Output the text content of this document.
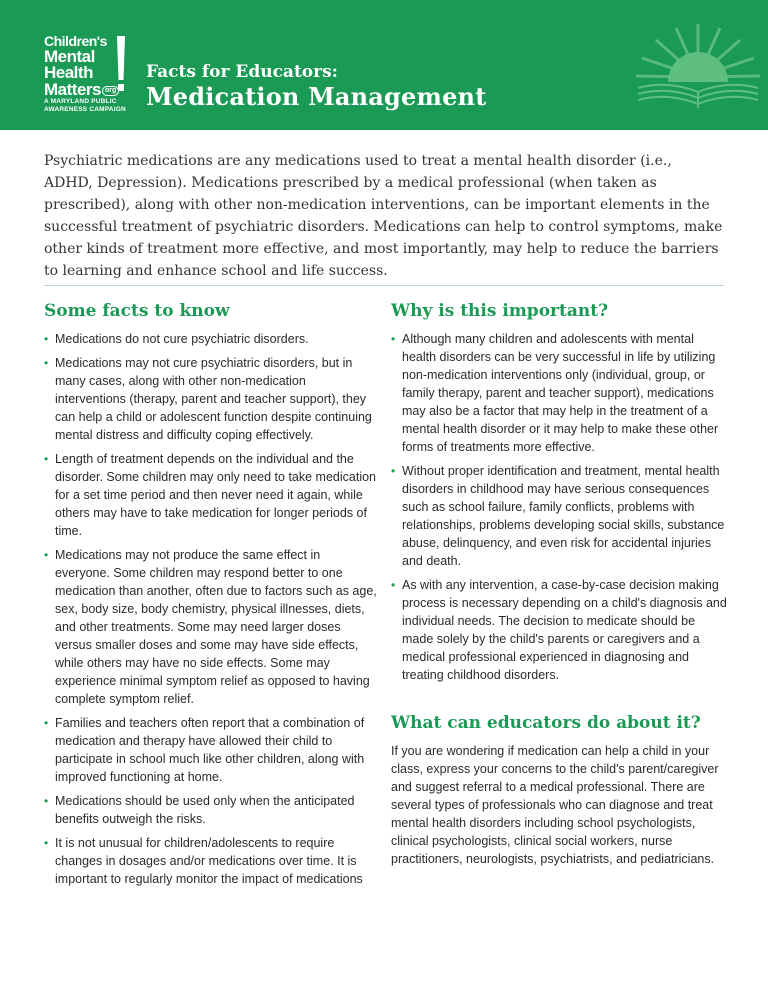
Children's
Mental
Health
Matters org
A MARYLAND PUBLIC AWARENESS CAMPAIGN
Facts for Educators:
Medication Management

Psychiatric medications are any medications used to treat a mental health disorder (i.e., ADHD, Depression). Medications prescribed by a medical professional (when taken as prescribed), along with other non-medication interventions, can be important elements in the successful treatment of psychiatric disorders. Medications can help to control symptoms, make other kinds of treatment more effective, and most importantly, may help to reduce the barriers to learning and enhance school and life success.

Some facts to know
• Medications do not cure psychiatric disorders.
• Medications may not cure psychiatric disorders, but in many cases, along with other non-medication interventions (therapy, parent and teacher support), they can help a child or adolescent function despite continuing mental distress and difficulty coping effectively.
• Length of treatment depends on the individual and the disorder. Some children may only need to take medication for a set time period and then never need it again, while others may have to take medication for longer periods of time.
• Medications may not produce the same effect in everyone. Some children may respond better to one medication than another, often due to factors such as age, sex, body size, body chemistry, physical illnesses, diets, and other treatments. Some may need larger doses versus smaller doses and some may have side effects, while others may have no side effects. Some may experience minimal symptom relief as opposed to having complete symptom relief.
• Families and teachers often report that a combination of medication and therapy have allowed their child to participate in school much like other children, along with improved functioning at home.
• Medications should be used only when the anticipated benefits outweigh the risks.
• It is not unusual for children/adolescents to require changes in dosages and/or medications over time. It is important to regularly monitor the impact of medications
Why is this important?
• Although many children and adolescents with mental health disorders can be very successful in life by utilizing non-medication interventions only (individual, group, or family therapy, parent and teacher support), medications may also be a factor that may help in the treatment of a mental health disorder or it may help to make these other forms of treatments more effective.
• Without proper identification and treatment, mental health disorders in childhood may have serious consequences such as school failure, family conflicts, problems with relationships, problems developing social skills, substance abuse, delinquency, and even risk for accidental injuries and death.
• As with any intervention, a case-by-case decision making process is necessary depending on a child's diagnosis and individual needs. The decision to medicate should be made solely by the child's parents or caregivers and a medical professional experienced in diagnosing and treating childhood disorders.
What can educators do about it?

If you are wondering if medication can help a child in your class, express your concerns to the child's parent/caregiver and suggest referral to a medical professional. There are several types of professionals who can diagnose and treat mental health disorders including school psychologists, clinical psychologists, clinical social workers, nurse practitioners, neurologists, psychiatrists, and pediatricians.
